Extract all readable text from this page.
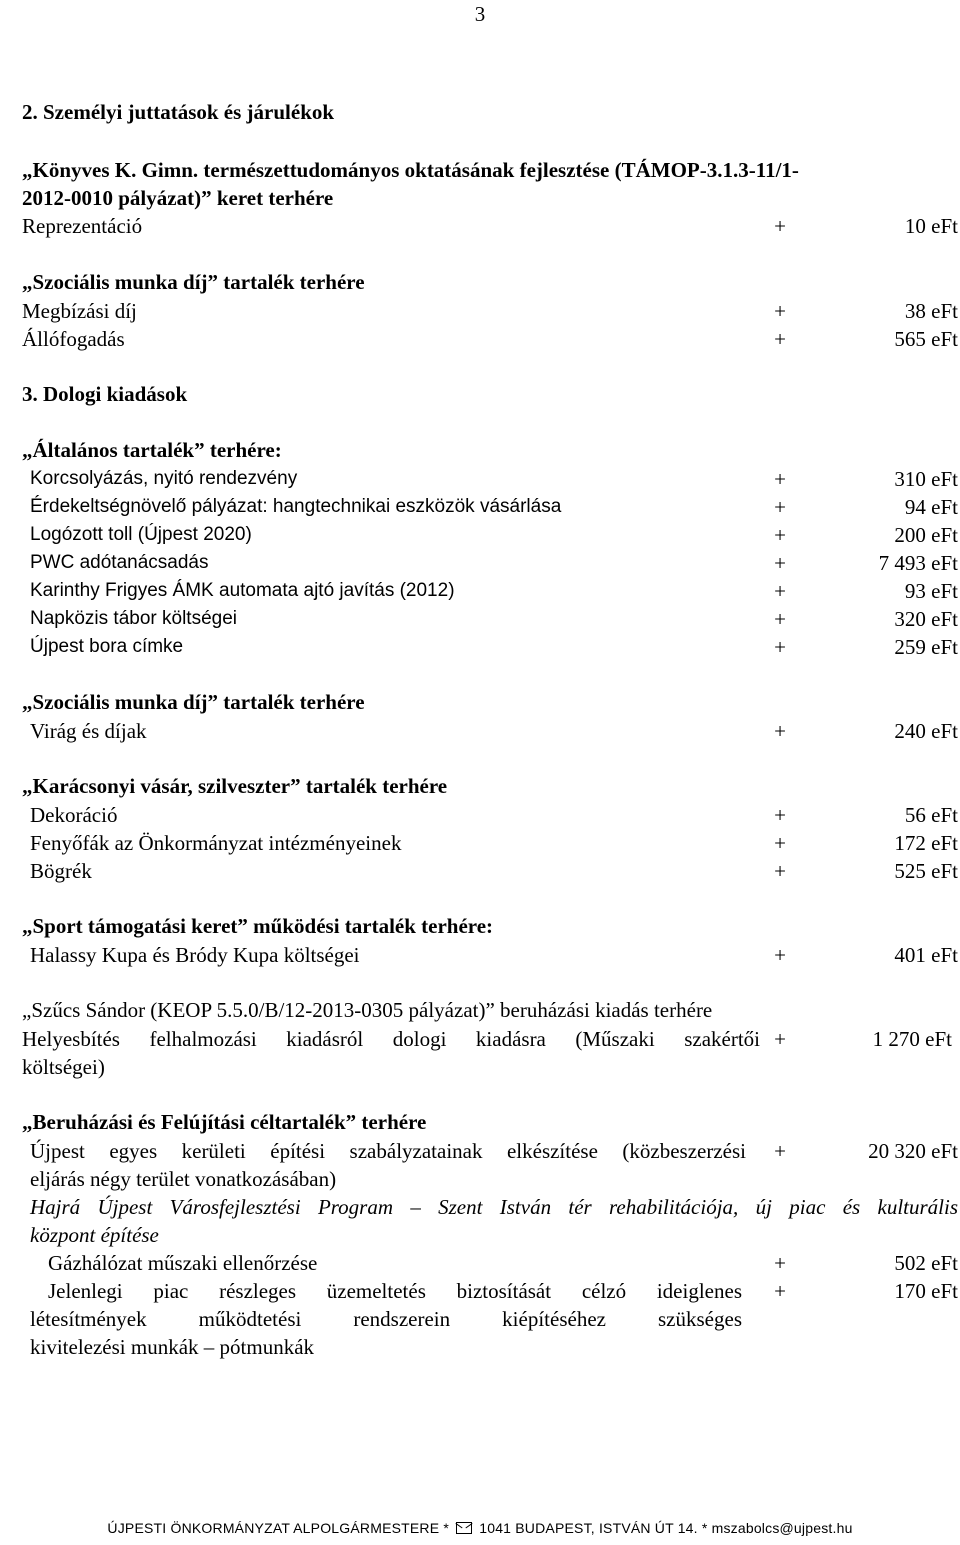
3
2. Személyi juttatások és járulékok
„Könyves K. Gimn. természettudományos oktatásának fejlesztése (TÁMOP-3.1.3-11/1-
2012-0010 pályázat)” keret terhére
Reprezentáció	+	10 eFt
„Szociális munka díj” tartalék terhére
Megbízási díj	+	38 eFt
Állófogadás	+	565 eFt
3. Dologi kiadások
„Általános tartalék” terhére:
Korcsolyázás, nyitó rendezvény	+	310 eFt
Érdekeltségnövelő pályázat: hangtechnikai eszközök vásárlása	+	94 eFt
Logózott toll (Újpest 2020)	+	200 eFt
PWC adótanácsadás	+	7 493 eFt
Karinthy Frigyes ÁMK automata ajtó javítás (2012)	+	93 eFt
Napközis tábor költségei	+	320 eFt
Újpest bora címke	+	259 eFt
„Szociális munka díj” tartalék terhére
Virág és díjak	+	240 eFt
„Karácsonyi vásár, szilveszter” tartalék terhére
Dekoráció	+	56 eFt
Fenyőfák az Önkormányzat intézményeinek	+	172 eFt
Bögrék	+	525 eFt
„Sport támogatási keret” működési tartalék terhére:
Halassy Kupa és Bródy Kupa költségei	+	401 eFt
„Szűcs Sándor (KEOP 5.5.0/B/12-2013-0305 pályázat)” beruházási kiadás terhére
Helyesbítés felhalmozási kiadásról dologi kiadásra (Műszaki szakértői +	1 270 eFt
költségei)
„Beruházási és Felújítási céltartalék” terhére
Újpest egyes kerületi építési szabályzatainak elkészítése (közbeszerzési +	20 320 eFt
eljárás négy terület vonatkozásában)
Hajrá Újpest Városfejlesztési Program – Szent István tér rehabilitációja, új piac és kulturális
központ építése
Gázhálózat műszaki ellenőrzése	+	502 eFt
Jelenlegi piac részleges üzemeltetés biztosítását célzó ideiglenes +	170 eFt
létesítmények működtetési rendszerein kiépítéséhez szükséges
kivitelezési munkák – pótmunkák
ÚJPESTI ÖNKORMÁNYZAT ALPOLGÁRMESTERE * 1041 BUDAPEST, ISTVÁN ÚT 14. * mszabolcs@ujpest.hu
